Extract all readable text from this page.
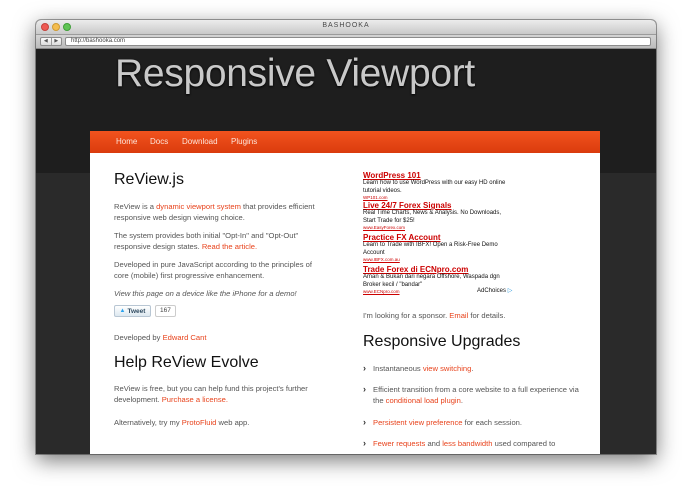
BASHOOKA
◀	▶	http://bashooka.com
Responsive Viewport
Home Docs Download Plugins
ReView.js

ReView is a dynamic viewport system that provides efficient responsive web design viewing choice.

The system provides both initial "Opt-In" and "Opt-Out" responsive design states. Read the article.

Developed in pure JavaScript according to the principles of core (mobile) first progressive enhancement.

View this page on a device like the iPhone for a demo!

▲ Tweet	167

Developed by Edward Cant

Help ReView Evolve

ReView is free, but you can help fund this project's further development. Purchase a license.

Alternatively, try my ProtoFluid web app.

WordPress 101
Learn how to use WordPress with our easy HD online tutorial videos.
WP101.com
Live 24/7 Forex Signals
Real Time Charts, News & Analysis. No Downloads, Start Trade for $25!
www.EasyForex.com
Practice FX Account
Learn to Trade with IBFX! Open a Risk-Free Demo Account
www.IBFX.com.au
Trade Forex di ECNpro.com
Aman & Bukan dari negara Offshore, Waspada dgn Broker kecil / "bandar"
www.ECNpro.com	AdChoices ▷

I'm looking for a sponsor. Email for details.

Responsive Upgrades
› Instantaneous view switching.

› Efficient transition from a core website to a full experience via the conditional load plugin.

› Persistent view preference for each session.

› Fewer requests and less bandwidth used compared to
